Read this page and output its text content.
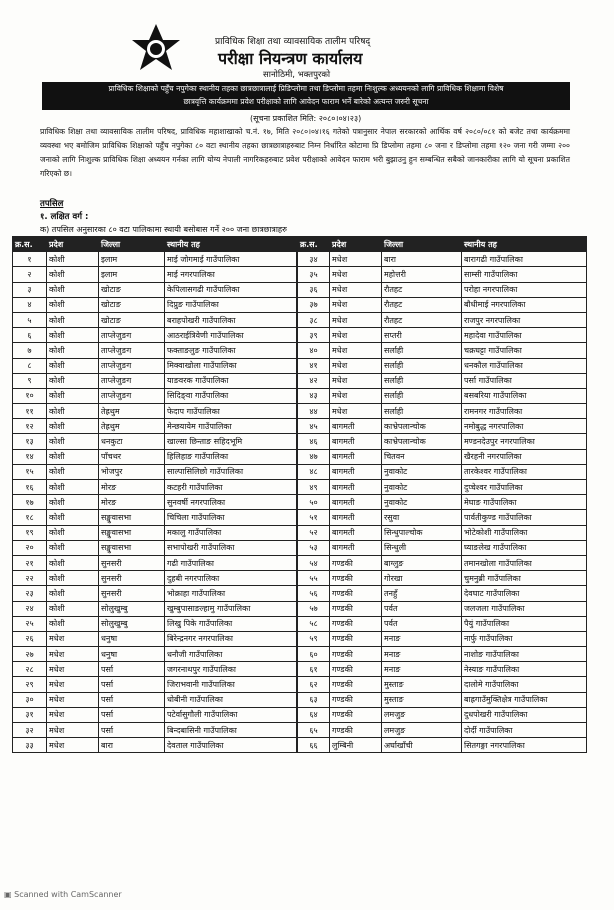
प्राविधिक शिक्षा तथा व्यावसायिक तालीम परिषद्
परीक्षा नियन्त्रण कार्यालय
सानोठिमी, भक्तपुरको
प्राविधिक शिक्षाको पहुँच नपुगेका स्थानीय तहका छात्रछात्रालाई प्रिडिप्लोमा तथा डिप्लोमा तहमा निःशुल्क अध्ययनको लागि प्राविधिक शिक्षामा विशेष
छात्रवृत्ति कार्यक्रममा प्रवेश परीक्षाको लागि आवेदन फाराम भर्ने बारेको अत्यन्त जरुरी सूचना
(सूचना प्रकाशित मिति: २०८०।०४।२३)
प्राविधिक शिक्षा तथा व्यावसायिक तालीम परिषद, प्राविधिक महाशाखाको च.नं. १७, मिति २०८०।०४।१६ गतेको पत्रानुसार नेपाल सरकारको आर्थिक वर्ष २०८०/०८१ को बजेट तथा कार्यक्रममा व्यवस्था भए बमोजिम प्राविधिक शिक्षाको पहुँच नपुगेका ८० वटा स्थानीय तहका छात्रछात्राहरुबाट निम्न निर्धारित कोटामा प्रि डिप्लोमा तहमा ८० जना र डिप्लोमा तहमा १२० जना गरी जम्मा २०० जनाको लागि निःशुल्क प्राविधिक शिक्षा अध्ययन गर्नका लागि योग्य नेपाली नागरिकहरुबाट प्रवेश परीक्षाको आवेदन फाराम भरी बुझाउनु हुन सम्बन्धित सबैको जानकारीका लागि यो सूचना प्रकाशित गरिएको छ।
तपसिल
१. लक्षित वर्ग :
क) तपसिल अनुसारका ८० वटा पालिकामा स्थायी बसोबास गर्ने २०० जना छात्रछात्राहरु
क्र.स.	प्रदेश	जिल्ला	स्थानीय तह
१	कोशी	इलाम	माई जोगमाई गाउँपालिका
२	कोशी	इलाम	माई नगरपालिका
३	कोशी	खोटाङ	केपिलासगढी गाउँपालिका
४	कोशी	खोटाङ	दिप्रुङ गाउँपालिका
५	कोशी	खोटाङ	बराहपोखरी गाउँपालिका
६	कोशी	ताप्लेजुङग	आठराईत्रिवेणी गाउँपालिका
७	कोशी	ताप्लेजुङग	फक्ताङलुङ गाउँपालिका
८	कोशी	ताप्लेजुङग	मिक्वाखोला गाउँपालिका
९	कोशी	ताप्लेजुङग	याङवरक गाउँपालिका
१०	कोशी	ताप्लेजुङग	सिदिङ्वा गाउँपालिका
११	कोशी	तेह्रथुम	फेदाप गाउँपालिका
१२	कोशी	तेह्रथुम	मेन्छयायेम गाउँपालिका
१३	कोशी	धनकुटा	खाल्सा छिन्ताङ सहिदभूमि
१४	कोशी	पाँचथर	हिलिहाङ गाउँपालिका
१५	कोशी	भोजपुर	साल्पासिलिछो गाउँपालिका
१६	कोशी	मोरङ	कटहरी गाउँपालिका
१७	कोशी	मोरङ	सुनवर्षी नगरपालिका
१८	कोशी	सङ्खुवासभा	चिचिला गाउँपालिका
१९	कोशी	सङ्खुवासभा	मकालु गाउँपालिका
२०	कोशी	सङ्खुवासभा	सभापोखरी गाउँपालिका
२१	कोशी	सुनसरी	गढी गाउँपालिका
२२	कोशी	सुनसरी	दुहबी नगरपालिका
२३	कोशी	सुनसरी	भोक्राहा गाउँपालिका
२४	कोशी	सोलुखुम्बु	खुम्बुपासाङल्हामु गाउँपालिका
२५	कोशी	सोलुखुम्बु	लिखु पिके गाउँपालिका
२६	मधेश	धनुषा	बिरेन्द्रनगर नगरपालिका
२७	मधेश	धनुषा	धनौजी गाउँपालिका
२८	मधेश	पर्सा	जगरनाथपुर गाउँपालिका
२९	मधेश	पर्सा	जिराभवानी गाउँपालिका
३०	मधेश	पर्सा	धोबीनी गाउँपालिका
३१	मधेश	पर्सा	पटेर्वासुगौली गाउँपालिका
३२	मधेश	पर्सा	बिन्दबासिनी गाउँपालिका
३३	मधेश	बारा	देवताल गाउँपालिका
क्र.स.	प्रदेश	जिल्ला	स्थानीय तह
३४	मधेश	बारा	बारागढी गाउँपालिका
३५	मधेश	महोत्तरी	साम्सी गाउँपालिका
३६	मधेश	रौतहट	परोहा नगरपालिका
३७	मधेश	रौतहट	बौधीमाई नगरपालिका
३८	मधेश	रौतहट	राजपुर नगरपालिका
३९	मधेश	सप्तरी	महादेवा गाउँपालिका
४०	मधेश	सर्लाही	चक्रघट्टा गाउँपालिका
४१	मधेश	सर्लाही	धनकौल गाउँपालिका
४२	मधेश	सर्लाही	पर्सा गाउँपालिका
४३	मधेश	सर्लाही	बसबरिया गाउँपालिका
४४	मधेश	सर्लाही	रामनगर गाउँपालिका
४५	बागमती	काभ्रेपलान्चोक	नमोबुद्ध नगरपालिका
४६	बागमती	काभ्रेपलान्चोक	मण्डनदेउपुर नगरपालिका
४७	बागमती	चितवन	खैरहनी नगरपालिका
४८	बागमती	नुवाकोट	तारकेश्वर गाउँपालिका
४९	बागमती	नुवाकोट	दुप्चेश्वर गाउँपालिका
५०	बागमती	नुवाकोट	मेघाङ गाउँपालिका
५१	बागमती	रसुवा	पार्वतीकुण्ड गाउँपालिका
५२	बागमती	सिन्धुपाल्चोक	भोटेकोशी गाउँपालिका
५३	बागमती	सिन्धुली	घ्याङलेख गाउँपालिका
५४	गण्डकी	बाग्लुङ	तमानखोला गाउँपालिका
५५	गण्डकी	गोरखा	चुमनुब्री गाउँपालिका
५६	गण्डकी	तनहुँ	देवघाट गाउँपालिका
५७	गण्डकी	पर्वत	जलजला गाउँपालिका
५८	गण्डकी	पर्वत	पैयुं गाउँपालिका
५९	गण्डकी	मनाङ	नार्फु गाउँपालिका
६०	गण्डकी	मनाङ	नाशोङ गाउँपालिका
६१	गण्डकी	मनाङ	नेस्याङ गाउँपालिका
६२	गण्डकी	मुस्ताङ	दालोमे गाउँपालिका
६३	गण्डकी	मुस्ताङ	बाह्रगाउँमुक्तिक्षेत्र गाउँपालिका
६४	गण्डकी	लमजुङ	दुधपोखरी गाउँपालिका
६५	गण्डकी	लमजुङ	दोर्दी गाउँपालिका
६६	लुम्बिनी	अर्घाखाँची	सितगङ्गा नगरपालिका
▣ Scanned with CamScanner
